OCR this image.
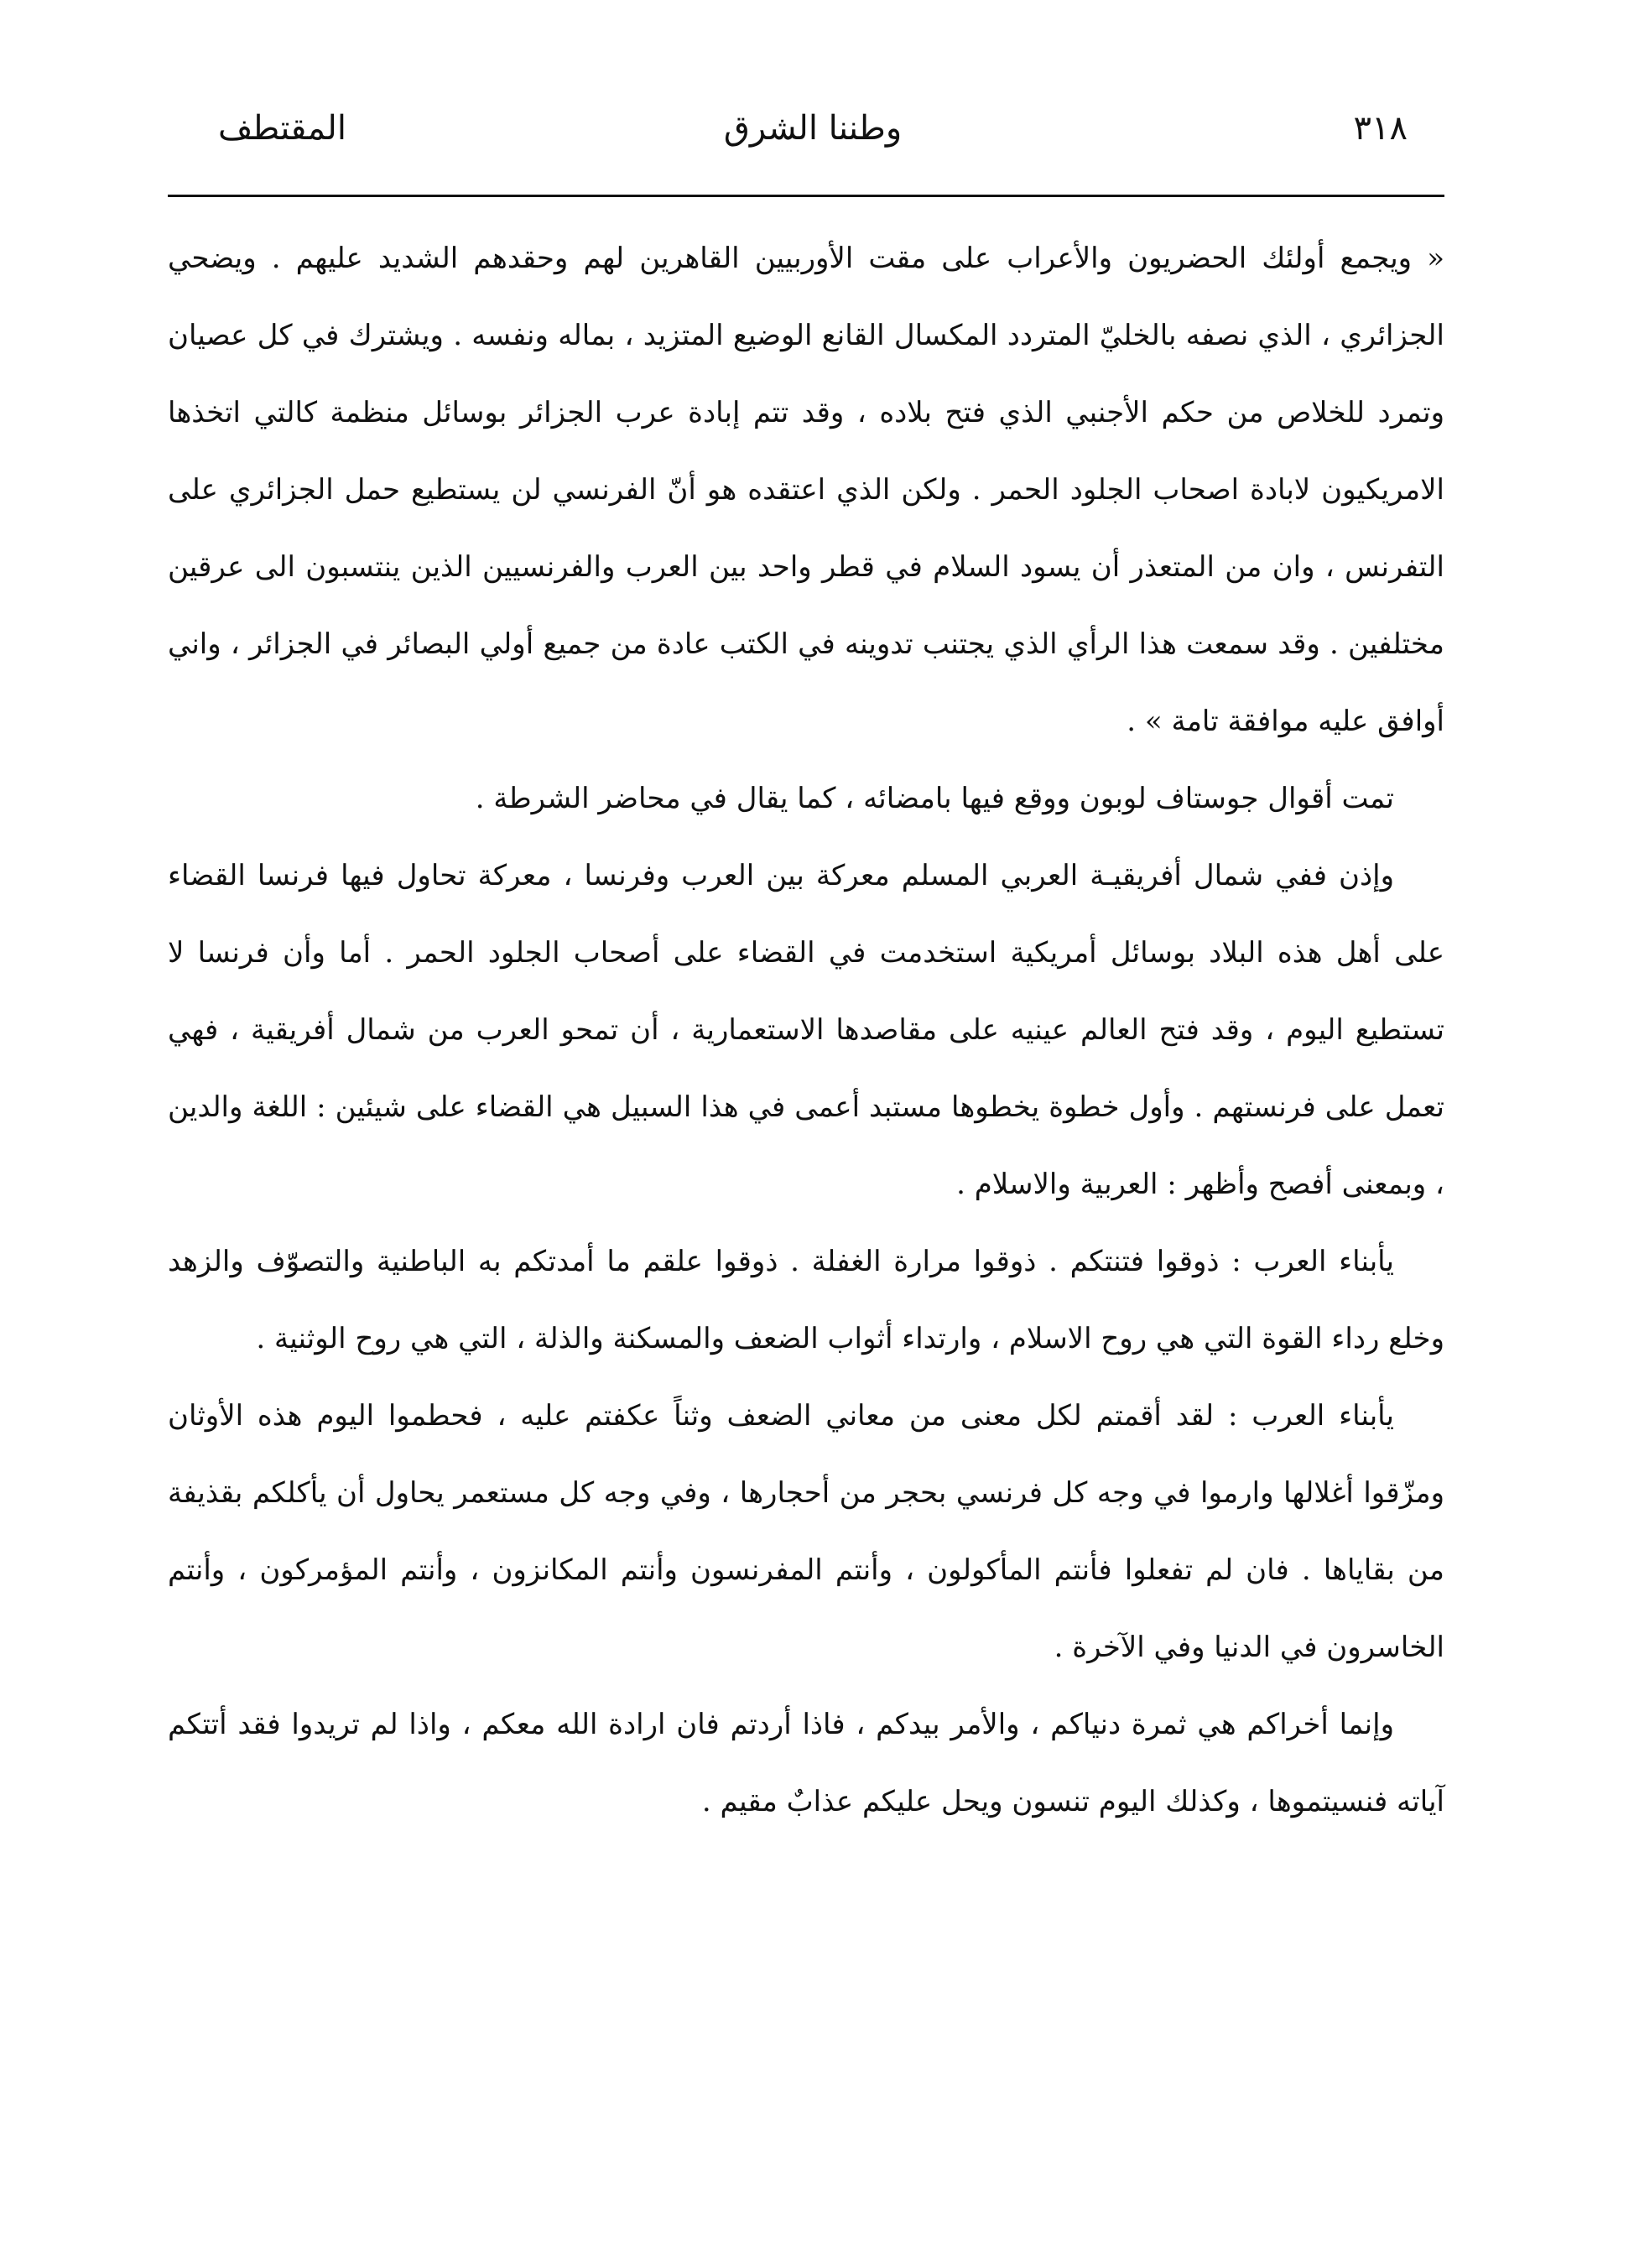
٣١٨
وطننا الشرق
المقتطف

« ويجمع أولئك الحضريون والأعراب على مقت الأوربيين القاهرين لهم وحقدهم الشديد عليهم . ويضحي الجزائري ، الذي نصفه بالخليّ المتردد المكسال القانع الوضيع المتزيد ، بماله ونفسه . ويشترك في كل عصيان وتمرد للخلاص من حكم الأجنبي الذي فتح بلاده ، وقد تتم إبادة عرب الجزائر بوسائل منظمة كالتي اتخذها الامريكيون لابادة اصحاب الجلود الحمر . ولكن الذي اعتقده هو أنّ الفرنسي لن يستطيع حمل الجزائري على التفرنس ، وان من المتعذر أن يسود السلام في قطر واحد بين العرب والفرنسيين الذين ينتسبون الى عرقين مختلفين . وقد سمعت هذا الرأي الذي يجتنب تدوينه في الكتب عادة من جميع أولي البصائر في الجزائر ، واني أوافق عليه موافقة تامة » .

تمت أقوال جوستاف لوبون ووقع فيها بامضائه ، كما يقال في محاضر الشرطة .

وإذن ففي شمال أفريقيـة العربي المسلم معركة بين العرب وفرنسا ، معركة تحاول فيها فرنسا القضاء على أهل هذه البلاد بوسائل أمريكية استخدمت في القضاء على أصحاب الجلود الحمر . أما وأن فرنسا لا تستطيع اليوم ، وقد فتح العالم عينيه على مقاصدها الاستعمارية ، أن تمحو العرب من شمال أفريقية ، فهي تعمل على فرنستهم . وأول خطوة يخطوها مستبد أعمى في هذا السبيل هي القضاء على شيئين : اللغة والدين ، وبمعنى أفصح وأظهر : العربية والاسلام .

يأبناء العرب : ذوقوا فتنتكم . ذوقوا مرارة الغفلة . ذوقوا علقم ما أمدتكم به الباطنية والتصوّف والزهد وخلع رداء القوة التي هي روح الاسلام ، وارتداء أثواب الضعف والمسكنة والذلة ، التي هي روح الوثنية .

يأبناء العرب : لقد أقمتم لكل معنى من معاني الضعف وثناً عكفتم عليه ، فحطموا اليوم هذه الأوثان ومزّقوا أغلالها وارموا في وجه كل فرنسي بحجر من أحجارها ، وفي وجه كل مستعمر يحاول أن يأكلكم بقذيفة من بقاياها . فان لم تفعلوا فأنتم المأكولون ، وأنتم المفرنسون وأنتم المكانزون ، وأنتم المؤمركون ، وأنتم الخاسرون في الدنيا وفي الآخرة .

وإنما أخراكم هي ثمرة دنياكم ، والأمر بيدكم ، فاذا أردتم فان ارادة الله معكم ، واذا لم تريدوا فقد أتتكم آياته فنسيتموها ، وكذلك اليوم تنسون ويحل عليكم عذابٌ مقيم .
